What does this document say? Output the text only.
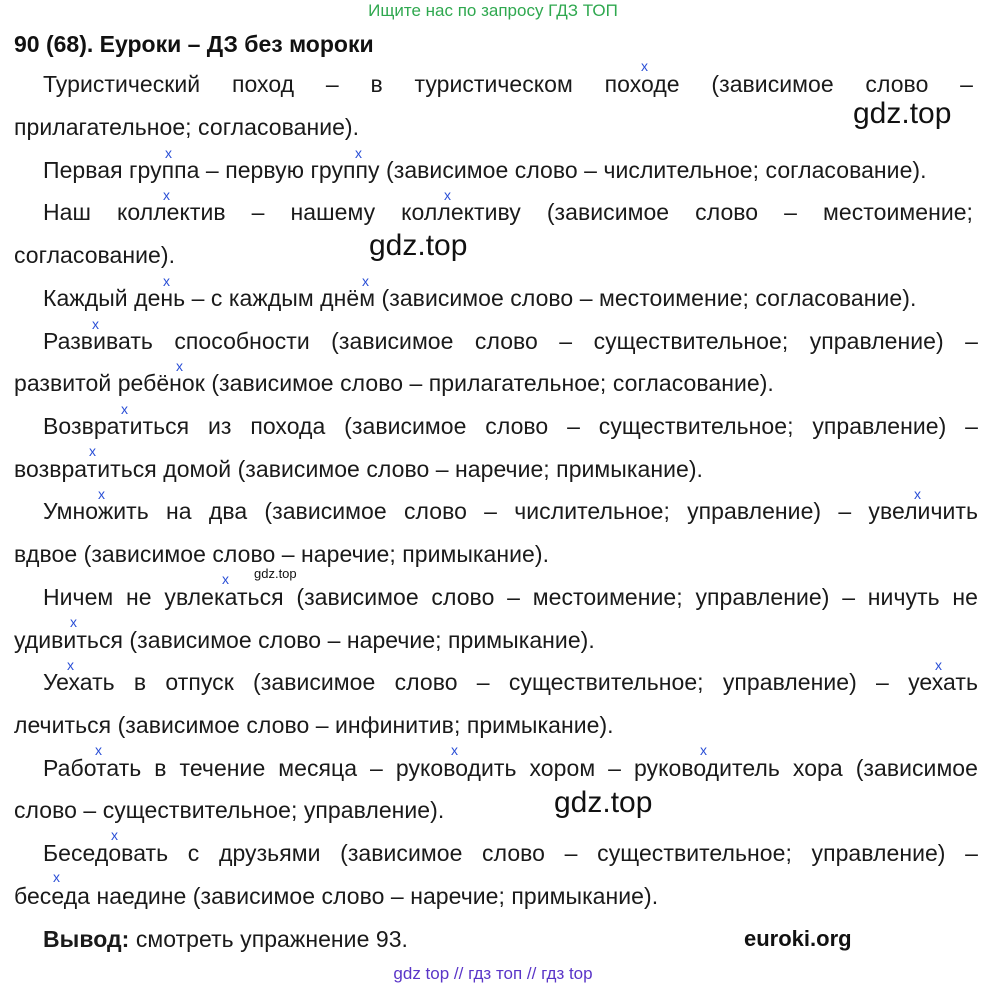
Ищите нас по запросу ГДЗ ТОП
90 (68). Еуроки – ДЗ без мороки
Туристический поход – в туристическом походе (зависимое слово –
прилагательное; согласование).
Первая группа – первую группу (зависимое слово – числительное; согласование).
Наш коллектив – нашему коллективу (зависимое слово – местоимение;
согласование).
Каждый день – с каждым днём (зависимое слово – местоимение; согласование).
Развивать способности (зависимое слово – существительное; управление) –
развитой ребёнок (зависимое слово – прилагательное; согласование).
Возвратиться из похода (зависимое слово – существительное; управление) –
возвратиться домой (зависимое слово – наречие; примыкание).
Умножить на два (зависимое слово – числительное; управление) – увеличить
вдвое (зависимое слово – наречие; примыкание).
Ничем не увлекаться (зависимое слово – местоимение; управление) – ничуть не
удивиться (зависимое слово – наречие; примыкание).
Уехать в отпуск (зависимое слово – существительное; управление) – уехать
лечиться (зависимое слово – инфинитив; примыкание).
Работать в течение месяца – руководить хором – руководитель хора (зависимое
слово – существительное; управление).
Беседовать с друзьями (зависимое слово – существительное; управление) –
беседа наедине (зависимое слово – наречие; примыкание).
x
x	x
x	x
x	x
x
x
x
x
x	x
x
x
x	x
x	x	x
x
x
gdz.top
gdz.top
gdz.top
gdz.top
Вывод: смотреть упражнение 93.	euroki.org
gdz top // гдз топ // гдз top
